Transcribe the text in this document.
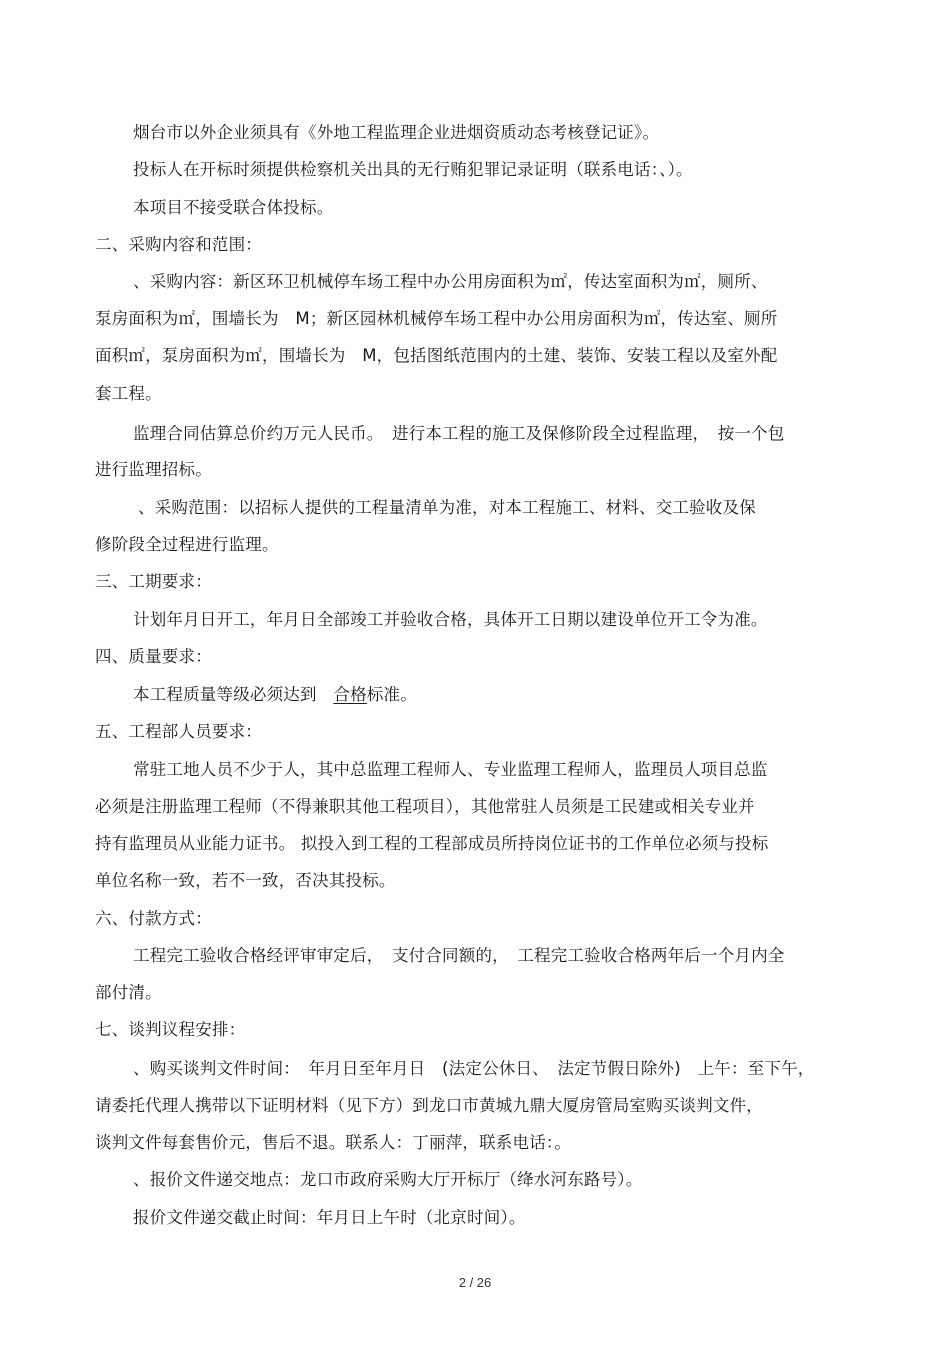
烟台市以外企业须具有《外地工程监理企业进烟资质动态考核登记证》。
投标人在开标时须提供检察机关出具的无行贿犯罪记录证明（联系电话：、）。
本项目不接受联合体投标。
二、采购内容和范围：
、采购内容：新区环卫机械停车场工程中办公用房面积为㎡，传达室面积为㎡，厕所、
泵房面积为㎡，围墙长为　M；新区园林机械停车场工程中办公用房面积为㎡，传达室、厕所
面积㎡，泵房面积为㎡，围墙长为　M，包括图纸范围内的土建、装饰、安装工程以及室外配
套工程。
监理合同估算总价约万元人民币。　进行本工程的施工及保修阶段全过程监理，　按一个包
进行监理招标。
、采购范围：以招标人提供的工程量清单为准，对本工程施工、材料、交工验收及保
修阶段全过程进行监理。
三、工期要求：
计划年月日开工，年月日全部竣工并验收合格，具体开工日期以建设单位开工令为准。
四、质量要求：
本工程质量等级必须达到　 合格标准。
五、工程部人员要求：
常驻工地人员不少于人，其中总监理工程师人、专业监理工程师人，监理员人项目总监
必须是注册监理工程师（不得兼职其他工程项目），其他常驻人员须是工民建或相关专业并
持有监理员从业能力证书。 拟投入到工程的工程部成员所持岗位证书的工作单位必须与投标
单位名称一致，若不一致，否决其投标。
六、付款方式：
工程完工验收合格经评审审定后，　支付合同额的，　工程完工验收合格两年后一个月内全
部付清。
七、谈判议程安排：
、购买谈判文件时间：　年月日至年月日　(法定公休日、　法定节假日除外)　上午：至下午，
请委托代理人携带以下证明材料（见下方）到龙口市黄城九鼎大厦房管局室购买谈判文件，
谈判文件每套售价元，售后不退。联系人：丁丽萍，联系电话：。
、报价文件递交地点：龙口市政府采购大厅开标厅（绛水河东路号）。
报价文件递交截止时间：年月日上午时（北京时间）。
2 / 26
